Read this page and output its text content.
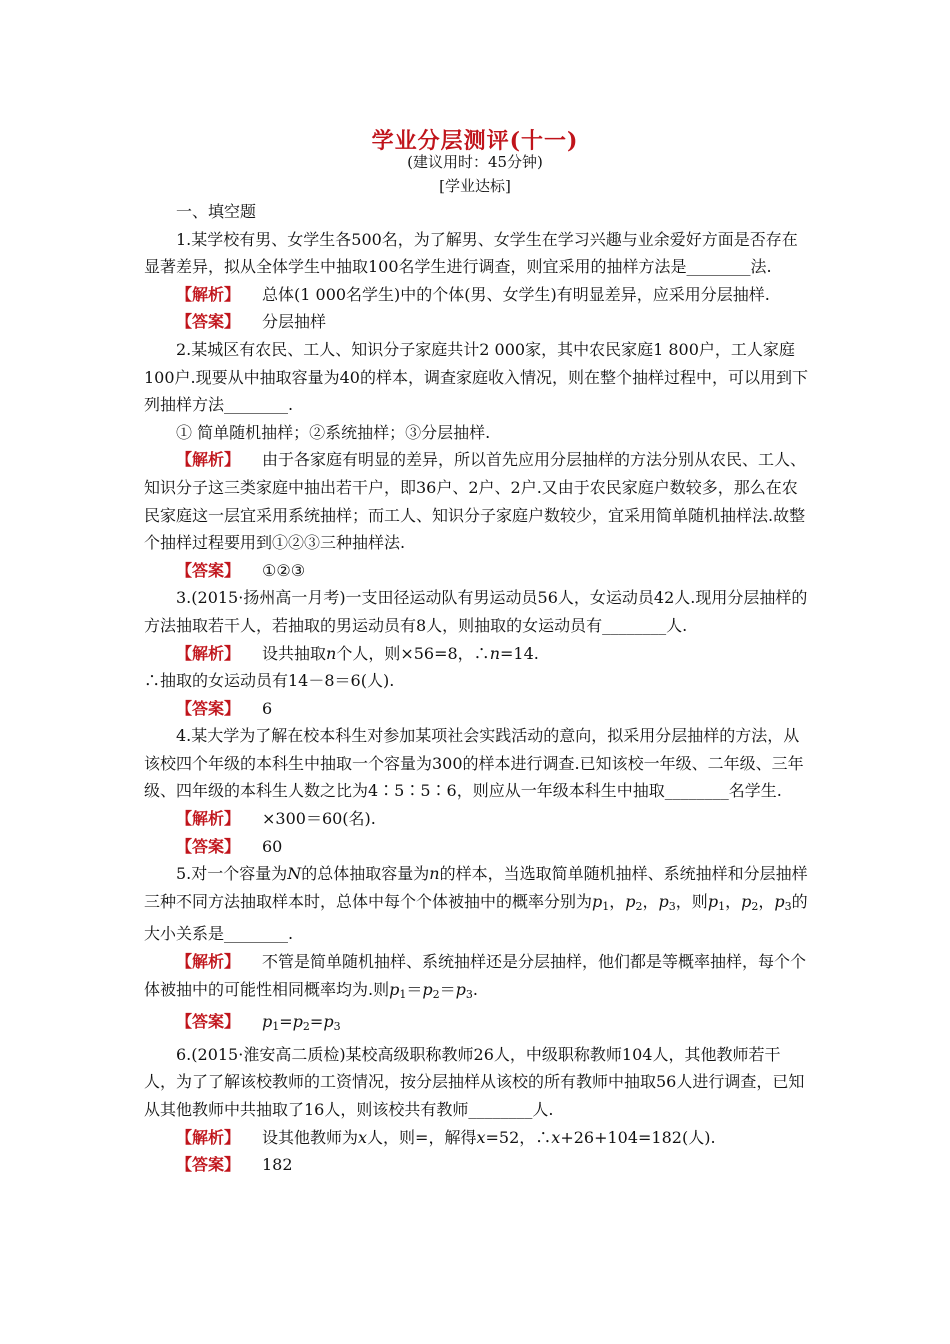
学业分层测评(十一)
(建议用时：45分钟)
[学业达标]

一、填空题

1.某学校有男、女学生各500名，为了解男、女学生在学习兴趣与业余爱好方面是否存在显著差异，拟从全体学生中抽取100名学生进行调查，则宜采用的抽样方法是________法.

【解析】 总体(1 000名学生)中的个体(男、女学生)有明显差异，应采用分层抽样.

【答案】 分层抽样

2.某城区有农民、工人、知识分子家庭共计2 000家，其中农民家庭1 800户，工人家庭100户.现要从中抽取容量为40的样本，调查家庭收入情况，则在整个抽样过程中，可以用到下列抽样方法________.

① 简单随机抽样；②系统抽样；③分层抽样.

【解析】 由于各家庭有明显的差异，所以首先应用分层抽样的方法分别从农民、工人、知识分子这三类家庭中抽出若干户，即36户、2户、2户.又由于农民家庭户数较多，那么在农民家庭这一层宜采用系统抽样；而工人、知识分子家庭户数较少，宜采用简单随机抽样法.故整个抽样过程要用到①②③三种抽样法.

【答案】 ①②③

3.(2015·扬州高一月考)一支田径运动队有男运动员56人，女运动员42人.现用分层抽样的方法抽取若干人，若抽取的男运动员有8人，则抽取的女运动员有________人.

【解析】 设共抽取n个人，则×56=8，∴n=14.

∴抽取的女运动员有14－8＝6(人).

【答案】 6

4.某大学为了解在校本科生对参加某项社会实践活动的意向，拟采用分层抽样的方法，从该校四个年级的本科生中抽取一个容量为300的样本进行调查.已知该校一年级、二年级、三年级、四年级的本科生人数之比为4∶5∶5∶6，则应从一年级本科生中抽取________名学生.

【解析】 ×300＝60(名).

【答案】 60

5.对一个容量为N的总体抽取容量为n的样本，当选取简单随机抽样、系统抽样和分层抽样三种不同方法抽取样本时，总体中每个个体被抽中的概率分别为$p_1$，$p_2$，$p_3$，则$p_1$，$p_2$，$p_3$的大小关系是________.

【解析】 不管是简单随机抽样、系统抽样还是分层抽样，他们都是等概率抽样，每个个体被抽中的可能性相同概率均为.则$p_1=p_2=p_3$.

【答案】 $p_1=p_2=p_3$

6.(2015·淮安高二质检)某校高级职称教师26人，中级职称教师104人，其他教师若干人，为了了解该校教师的工资情况，按分层抽样从该校的所有教师中抽取56人进行调查，已知从其他教师中共抽取了16人，则该校共有教师________人.

【解析】 设其他教师为x人，则=，解得x=52，∴x+26+104=182(人).

【答案】 182
